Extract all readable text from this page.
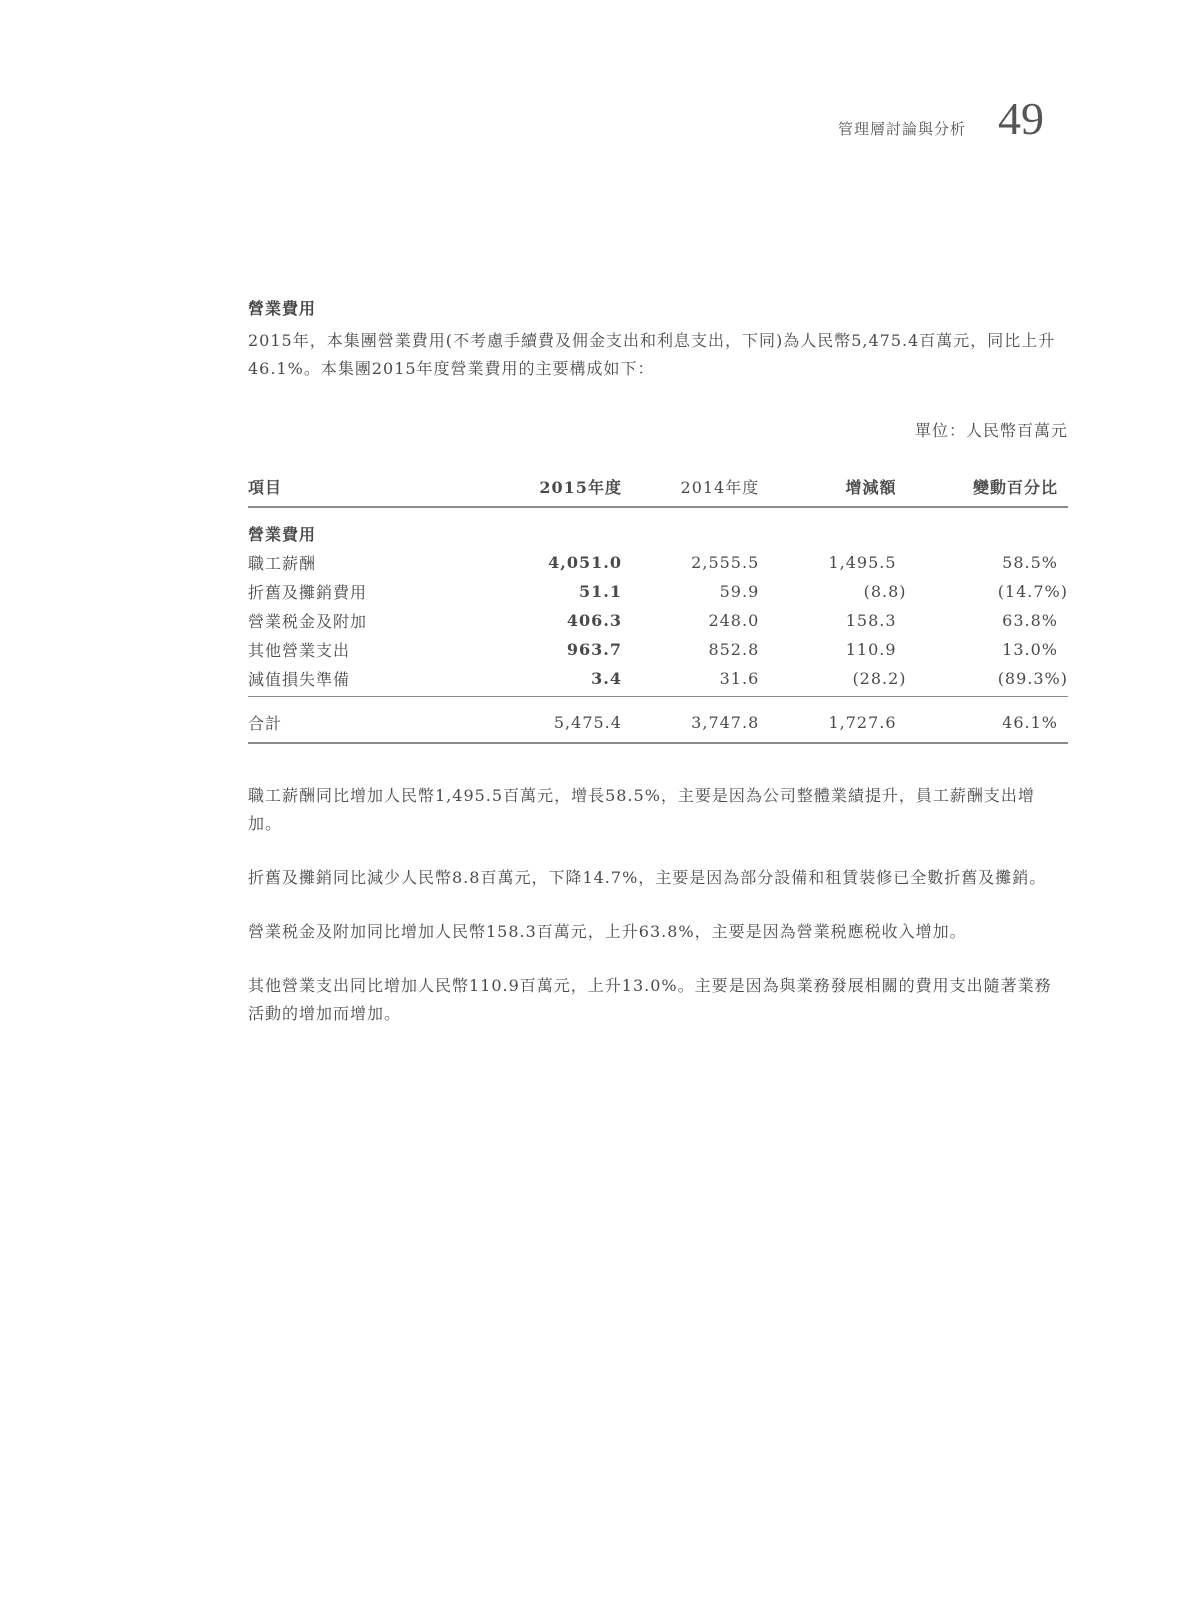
管理層討論與分析 49
營業費用

2015年，本集團營業費用(不考慮手續費及佣金支出和利息支出，下同)為人民幣5,475.4百萬元，同比上升46.1%。本集團2015年度營業費用的主要構成如下：

單位：人民幣百萬元
項目	2015年度	2014年度	增減額	變動百分比
營業費用				
職工薪酬	4,051.0	2,555.5	1,495.5	58.5%
折舊及攤銷費用	51.1	59.9	(8.8)	(14.7%)
營業税金及附加	406.3	248.0	158.3	63.8%
其他營業支出	963.7	852.8	110.9	13.0%
減值損失準備	3.4	31.6	(28.2)	(89.3%)
合計	5,475.4	3,747.8	1,727.6	46.1%

職工薪酬同比增加人民幣1,495.5百萬元，增長58.5%，主要是因為公司整體業績提升，員工薪酬支出增加。

折舊及攤銷同比減少人民幣8.8百萬元，下降14.7%，主要是因為部分設備和租賃裝修已全數折舊及攤銷。

營業税金及附加同比增加人民幣158.3百萬元，上升63.8%，主要是因為營業税應税收入增加。

其他營業支出同比增加人民幣110.9百萬元，上升13.0%。主要是因為與業務發展相關的費用支出隨著業務活動的增加而增加。
